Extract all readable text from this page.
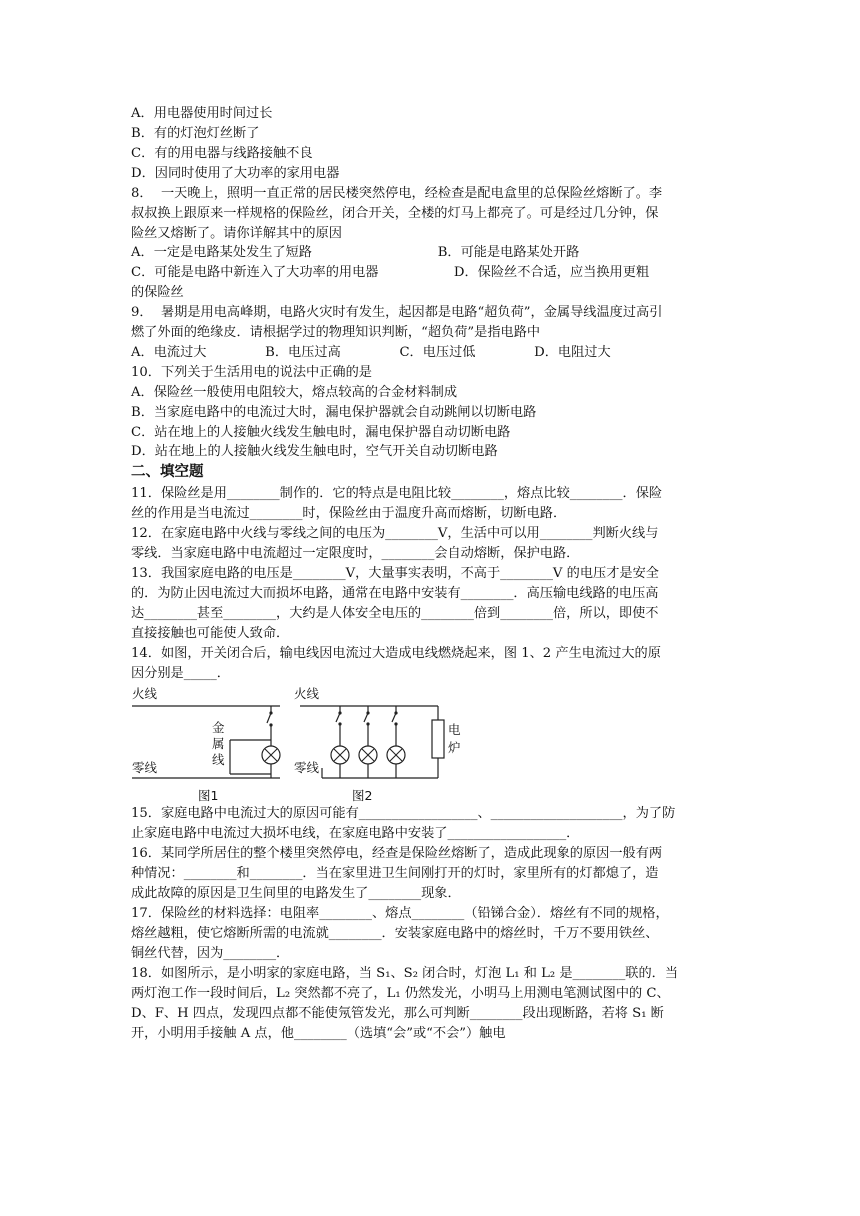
A．用电器使用时间过长
B．有的灯泡灯丝断了
C．有的用电器与线路接触不良
D．因同时使用了大功率的家用电器
8．  一天晚上，照明一直正常的居民楼突然停电，经检查是配电盒里的总保险丝熔断了。李
叔叔换上跟原来一样规格的保险丝，闭合开关，全楼的灯马上都亮了。可是经过几分钟，保
险丝又熔断了。请你详解其中的原因
A．一定是电路某处发生了短路                              B．可能是电路某处开路
C．可能是电路中新连入了大功率的用电器                  D．保险丝不合适，应当换用更粗
的保险丝
9．  暑期是用电高峰期，电路火灾时有发生，起因都是电路“超负荷”，金属导线温度过高引
燃了外面的绝缘皮．请根据学过的物理知识判断，“超负荷”是指电路中
A．电流过大              B．电压过高              C．电压过低              D．电阻过大
10．下列关于生活用电的说法中正确的是
A．保险丝一般使用电阻较大，熔点较高的合金材料制成
B．当家庭电路中的电流过大时，漏电保护器就会自动跳闸以切断电路
C．站在地上的人接触火线发生触电时，漏电保护器自动切断电路
D．站在地上的人接触火线发生触电时，空气开关自动切断电路
二、填空题
11．保险丝是用________制作的．它的特点是电阻比较________，熔点比较________．保险
丝的作用是当电流过________时，保险丝由于温度升高而熔断，切断电路．
12．在家庭电路中火线与零线之间的电压为________V，生活中可以用________判断火线与
零线．当家庭电路中电流超过一定限度时，________会自动熔断，保护电路．
13．我国家庭电路的电压是________V，大量事实表明，不高于________V 的电压才是安全
的．为防止因电流过大而损坏电路，通常在电路中安装有________．高压输电线路的电压高
达________甚至________，大约是人体安全电压的________倍到________倍，所以，即使不
直接接触也可能使人致命．
14．如图，开关闭合后，输电线因电流过大造成电线燃烧起来，图 1、2 产生电流过大的原
因分别是_____．
火线
零线
金
属
线
图1
火线
电
炉
零线
图2
15．家庭电路中电流过大的原因可能有__________________、____________________，为了防
止家庭电路中电流过大损坏电线，在家庭电路中安装了__________________．
16．某同学所居住的整个楼里突然停电，经查是保险丝熔断了，造成此现象的原因一般有两
种情况：________和________．当在家里进卫生间刚打开的灯时，家里所有的灯都熄了，造
成此故障的原因是卫生间里的电路发生了________现象．
17．保险丝的材料选择：电阻率________、熔点________（铅锑合金）．熔丝有不同的规格，
熔丝越粗，使它熔断所需的电流就________．安装家庭电路中的熔丝时，千万不要用铁丝、
铜丝代替，因为________．
18．如图所示，是小明家的家庭电路，当 S₁、S₂ 闭合时，灯泡 L₁ 和 L₂ 是________联的．当
两灯泡工作一段时间后，L₂ 突然都不亮了，L₁ 仍然发光，小明马上用测电笔测试图中的 C、
D、F、H 四点，发现四点都不能使氖管发光，那么可判断________段出现断路，若将 S₁ 断
开，小明用手接触 A 点，他________（选填“会”或“不会”）触电
